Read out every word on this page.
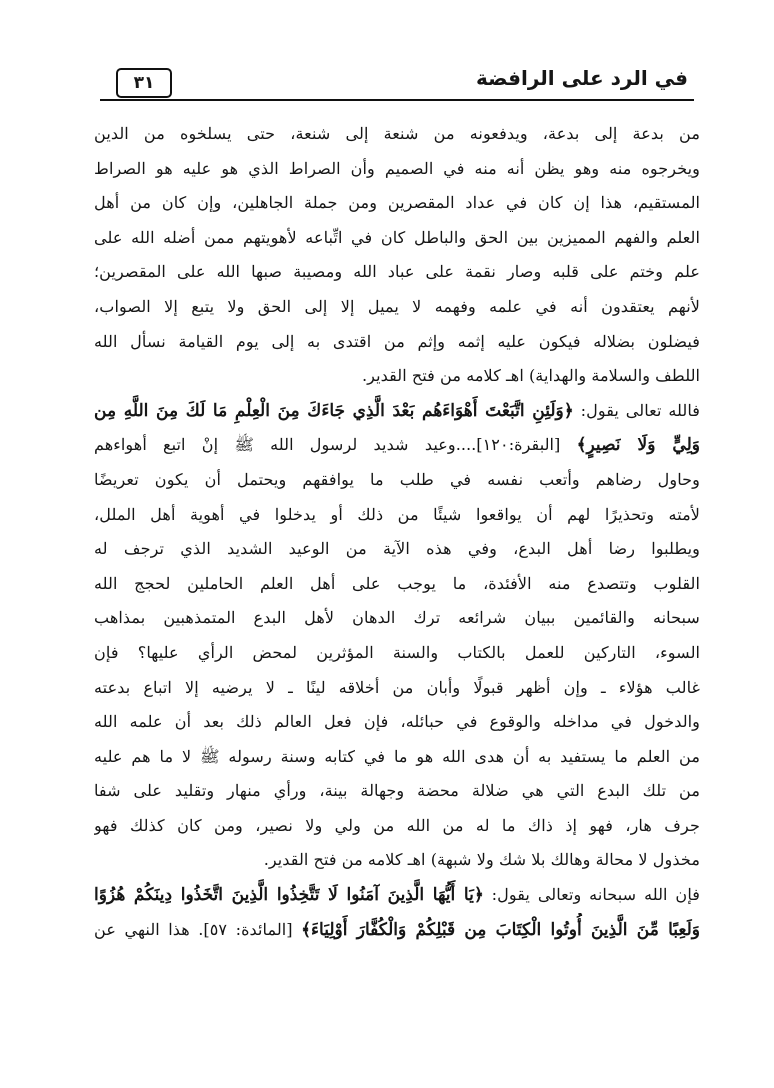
٣١	في الرد على الرافضة
من بدعة إلى بدعة، ويدفعونه من شنعة إلى شنعة، حتى يسلخوه من الدين
ويخرجوه منه وهو يظن أنه منه في الصميم وأن الصراط الذي هو عليه هو الصراط
المستقيم، هذا إن كان في عداد المقصرين ومن جملة الجاهلين، وإن كان من أهل
العلم والفهم المميزين بين الحق والباطل كان في اتِّباعه لأهويتهم ممن أضله الله على
علم وختم على قلبه وصار نقمة على عباد الله ومصيبة صبها الله على المقصرين؛
لأنهم يعتقدون أنه في علمه وفهمه لا يميل إلا إلى الحق ولا يتبع إلا الصواب،
فيضلون بضلاله فيكون عليه إثمه وإثم من اقتدى به إلى يوم القيامة نسأل الله
اللطف والسلامة والهداية) اهـ كلامه من فتح القدير.
فالله تعالى يقول: ﴿وَلَئِنِ اتَّبَعْتَ أَهْوَاءَهُم بَعْدَ الَّذِي جَاءَكَ مِنَ الْعِلْمِ مَا لَكَ مِنَ اللَّهِ مِن
وَلِيٍّ وَلَا نَصِيرٍ﴾ [البقرة:١٢٠]....وعيد شديد لرسول الله ﷺ إنْ اتبع أهواءهم
وحاول رضاهم وأتعب نفسه في طلب ما يوافقهم ويحتمل أن يكون تعريضًا
لأمته وتحذيرًا لهم أن يواقعوا شيئًا من ذلك أو يدخلوا في أهوية أهل الملل،
ويطلبوا رضا أهل البدع، وفي هذه الآية من الوعيد الشديد الذي ترجف له
القلوب وتتصدع منه الأفئدة، ما يوجب على أهل العلم الحاملين لحجج الله
سبحانه والقائمين ببيان شرائعه ترك الدهان لأهل البدع المتمذهبين بمذاهب
السوء، التاركين للعمل بالكتاب والسنة المؤثرين لمحض الرأي عليها؟ فإن
غالب هؤلاء ـ وإن أظهر قبولًا وأبان من أخلاقه لينًا ـ لا يرضيه إلا اتباع بدعته
والدخول في مداخله والوقوع في حبائله، فإن فعل العالم ذلك بعد أن علمه الله
من العلم ما يستفيد به أن هدى الله هو ما في كتابه وسنة رسوله ﷺ لا ما هم عليه
من تلك البدع التي هي ضلالة محضة وجهالة بينة، ورأي منهار وتقليد على شفا
جرف هار، فهو إذ ذاك ما له من الله من ولي ولا نصير، ومن كان كذلك فهو
مخذول لا محالة وهالك بلا شك ولا شبهة) اهـ كلامه من فتح القدير.
فإن الله سبحانه وتعالى يقول: ﴿يَا أَيُّهَا الَّذِينَ آمَنُوا لَا تَتَّخِذُوا الَّذِينَ اتَّخَذُوا دِينَكُمْ هُزُوًا
وَلَعِبًا مِّنَ الَّذِينَ أُوتُوا الْكِتَابَ مِن قَبْلِكُمْ وَالْكُفَّارَ أَوْلِيَاءَ﴾ [المائدة: ٥٧]. هذا النهي عن
